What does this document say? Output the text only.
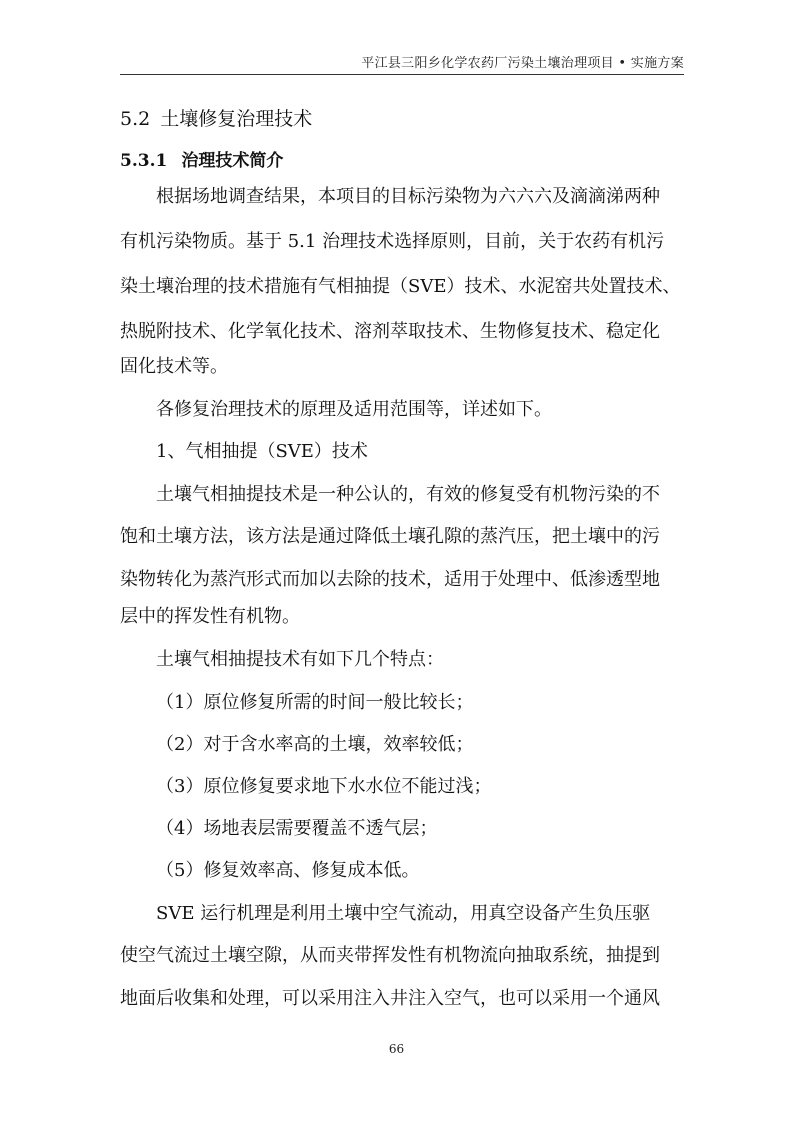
平江县三阳乡化学农药厂污染土壤治理项目 • 实施方案
5.2 土壤修复治理技术
5.3.1 治理技术简介

根据场地调查结果，本项目的目标污染物为六六六及滴滴涕两种

有机污染物质。基于 5.1 治理技术选择原则，目前，关于农药有机污

染土壤治理的技术措施有气相抽提（SVE）技术、水泥窑共处置技术、

热脱附技术、化学氧化技术、溶剂萃取技术、生物修复技术、稳定化

固化技术等。

各修复治理技术的原理及适用范围等，详述如下。

1、气相抽提（SVE）技术

土壤气相抽提技术是一种公认的，有效的修复受有机物污染的不

饱和土壤方法，该方法是通过降低土壤孔隙的蒸汽压，把土壤中的污

染物转化为蒸汽形式而加以去除的技术，适用于处理中、低渗透型地

层中的挥发性有机物。

土壤气相抽提技术有如下几个特点：

（1）原位修复所需的时间一般比较长；

（2）对于含水率高的土壤，效率较低；

（3）原位修复要求地下水水位不能过浅；

（4）场地表层需要覆盖不透气层；

（5）修复效率高、修复成本低。

SVE 运行机理是利用土壤中空气流动，用真空设备产生负压驱

使空气流过土壤空隙，从而夹带挥发性有机物流向抽取系统，抽提到

地面后收集和处理，可以采用注入井注入空气，也可以采用一个通风

66
